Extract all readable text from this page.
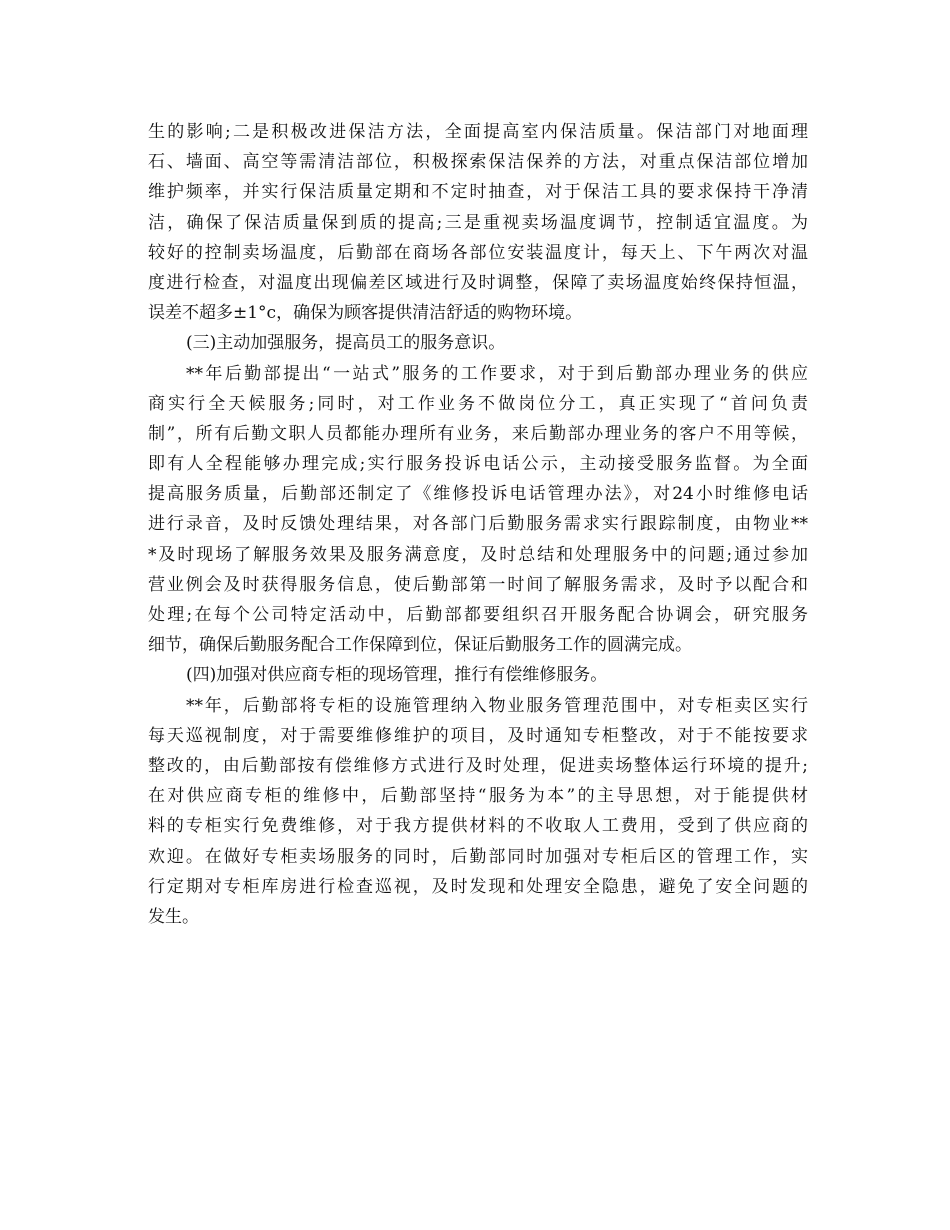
生的影响;二是积极改进保洁方法，全面提高室内保洁质量。保洁部门对地面理
石、墙面、高空等需清洁部位，积极探索保洁保养的方法，对重点保洁部位增加
维护频率，并实行保洁质量定期和不定时抽查，对于保洁工具的要求保持干净清
洁，确保了保洁质量保到质的提高;三是重视卖场温度调节，控制适宜温度。为
较好的控制卖场温度，后勤部在商场各部位安装温度计，每天上、下午两次对温
度进行检查，对温度出现偏差区域进行及时调整，保障了卖场温度始终保持恒温，
误差不超多±1°c，确保为顾客提供清洁舒适的购物环境。
(三)主动加强服务，提高员工的服务意识。
**年后勤部提出“一站式”服务的工作要求，对于到后勤部办理业务的供应
商实行全天候服务;同时，对工作业务不做岗位分工，真正实现了“首问负责
制”，所有后勤文职人员都能办理所有业务，来后勤部办理业务的客户不用等候，
即有人全程能够办理完成;实行服务投诉电话公示，主动接受服务监督。为全面
提高服务质量，后勤部还制定了《维修投诉电话管理办法》，对24小时维修电话
进行录音，及时反馈处理结果，对各部门后勤服务需求实行跟踪制度，由物业**
*及时现场了解服务效果及服务满意度，及时总结和处理服务中的问题;通过参加
营业例会及时获得服务信息，使后勤部第一时间了解服务需求，及时予以配合和
处理;在每个公司特定活动中，后勤部都要组织召开服务配合协调会，研究服务
细节，确保后勤服务配合工作保障到位，保证后勤服务工作的圆满完成。
(四)加强对供应商专柜的现场管理，推行有偿维修服务。
**年，后勤部将专柜的设施管理纳入物业服务管理范围中，对专柜卖区实行
每天巡视制度，对于需要维修维护的项目，及时通知专柜整改，对于不能按要求
整改的，由后勤部按有偿维修方式进行及时处理，促进卖场整体运行环境的提升;
在对供应商专柜的维修中，后勤部坚持“服务为本”的主导思想，对于能提供材
料的专柜实行免费维修，对于我方提供材料的不收取人工费用，受到了供应商的
欢迎。在做好专柜卖场服务的同时，后勤部同时加强对专柜后区的管理工作，实
行定期对专柜库房进行检查巡视，及时发现和处理安全隐患，避免了安全问题的
发生。
